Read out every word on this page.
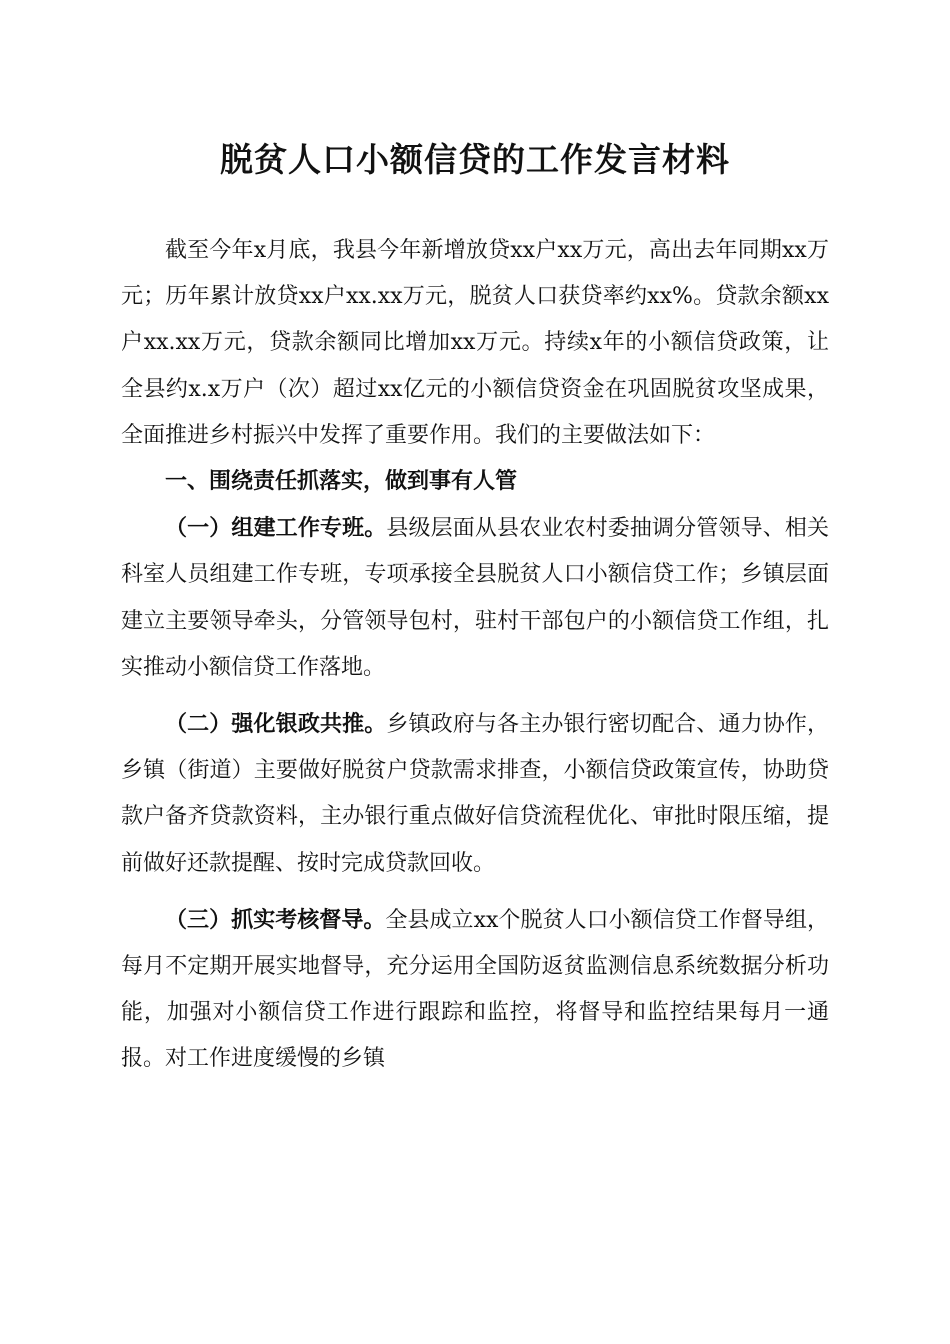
脱贫人口小额信贷的工作发言材料

截至今年x月底，我县今年新增放贷xx户xx万元，高出去年同期xx万元；历年累计放贷xx户xx.xx万元，脱贫人口获贷率约xx%。贷款余额xx户xx.xx万元，贷款余额同比增加xx万元。持续x年的小额信贷政策，让全县约x.x万户（次）超过xx亿元的小额信贷资金在巩固脱贫攻坚成果，全面推进乡村振兴中发挥了重要作用。我们的主要做法如下：

一、围绕责任抓落实，做到事有人管

（一）组建工作专班。县级层面从县农业农村委抽调分管领导、相关科室人员组建工作专班，专项承接全县脱贫人口小额信贷工作；乡镇层面建立主要领导牵头，分管领导包村，驻村干部包户的小额信贷工作组，扎实推动小额信贷工作落地。

（二）强化银政共推。乡镇政府与各主办银行密切配合、通力协作，乡镇（街道）主要做好脱贫户贷款需求排查，小额信贷政策宣传，协助贷款户备齐贷款资料，主办银行重点做好信贷流程优化、审批时限压缩，提前做好还款提醒、按时完成贷款回收。

（三）抓实考核督导。全县成立xx个脱贫人口小额信贷工作督导组，每月不定期开展实地督导，充分运用全国防返贫监测信息系统数据分析功能，加强对小额信贷工作进行跟踪和监控，将督导和监控结果每月一通报。对工作进度缓慢的乡镇
